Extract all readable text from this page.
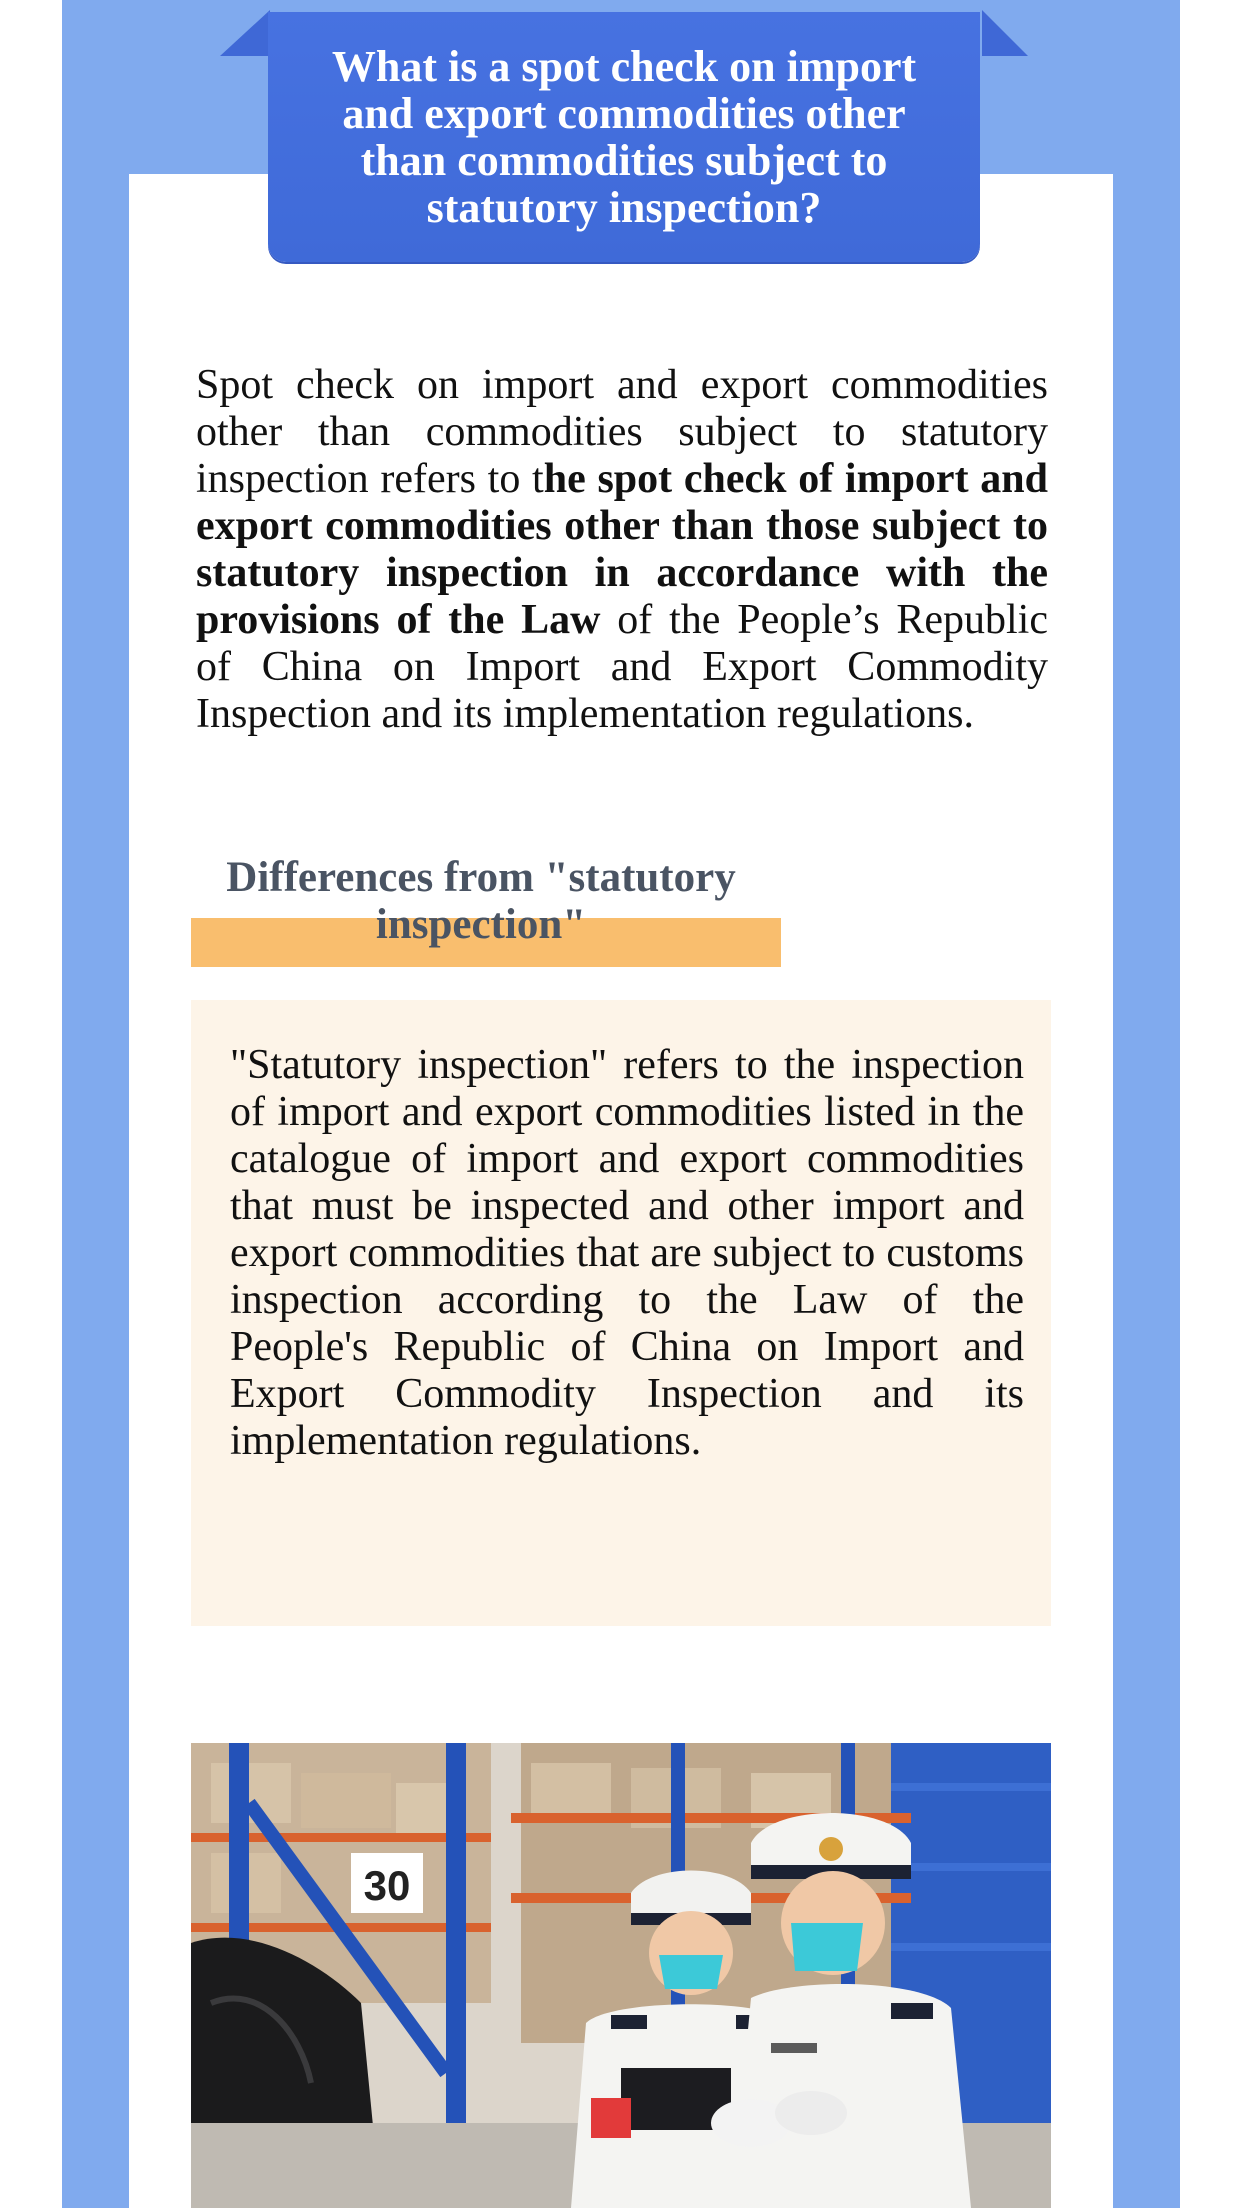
What is a spot check on import and export commodities other than commodities subject to statutory inspection?

Spot check on import and export commodities other than commodities subject to statutory inspection refers to the spot check of import and export commodities other than those subject to statutory inspection in accordance with the provisions of the Law of the People’s Republic of China on Import and Export Commodity Inspection and its implementation regulations.

Differences from "statutory inspection"

"Statutory inspection" refers to the inspection of import and export commodities listed in the catalogue of import and export commodities that must be inspected and other import and export commodities that are subject to customs inspection according to the Law of the People's Republic of China on Import and Export Commodity Inspection and its implementation regulations.

30
